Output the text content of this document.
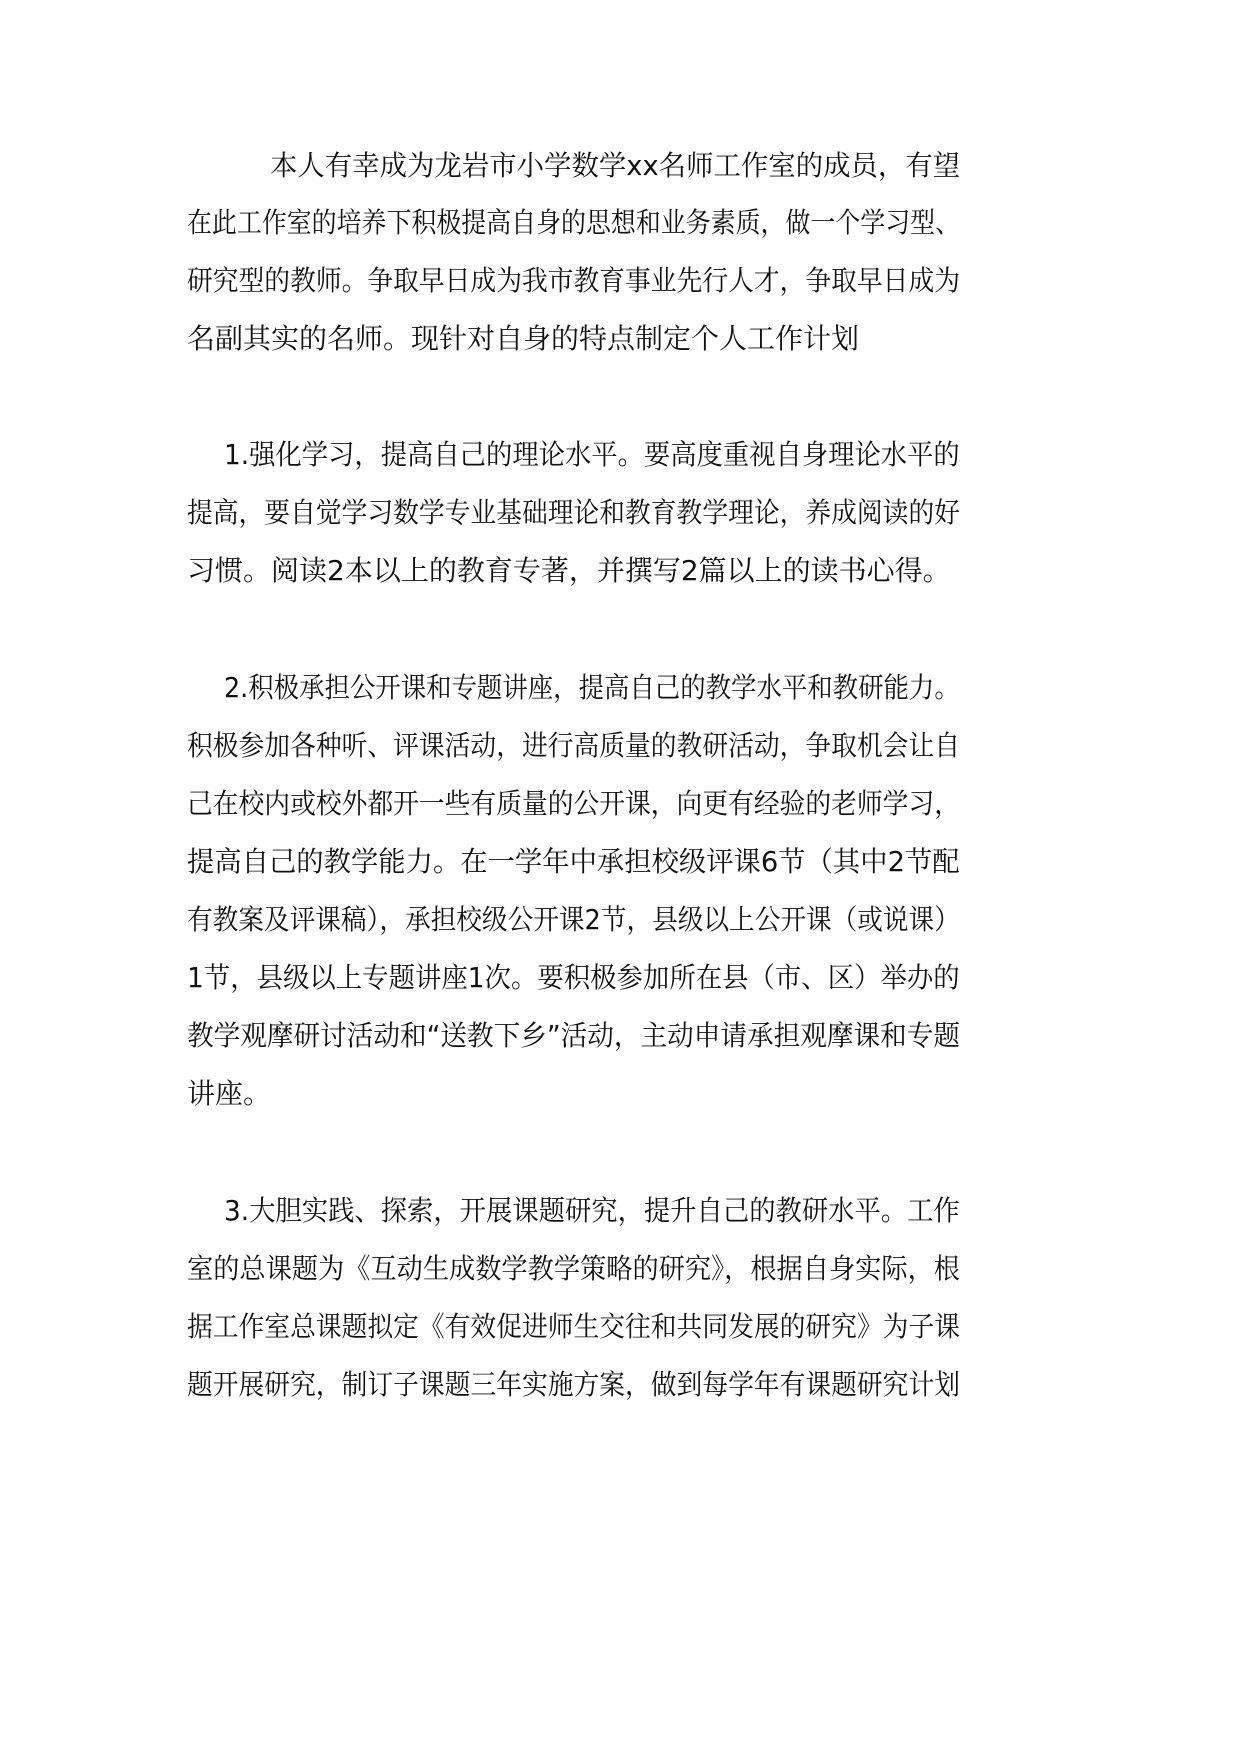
本人有幸成为龙岩市小学数学xx名师工作室的成员，有望

在此工作室的培养下积极提高自身的思想和业务素质，做一个学习型、

研究型的教师。争取早日成为我市教育事业先行人才，争取早日成为

名副其实的名师。现针对自身的特点制定个人工作计划

1.强化学习，提高自己的理论水平。要高度重视自身理论水平的

提高，要自觉学习数学专业基础理论和教育教学理论，养成阅读的好

习惯。阅读2本以上的教育专著，并撰写2篇以上的读书心得。

2.积极承担公开课和专题讲座，提高自己的教学水平和教研能力。

积极参加各种听、评课活动，进行高质量的教研活动，争取机会让自

己在校内或校外都开一些有质量的公开课，向更有经验的老师学习，

提高自己的教学能力。在一学年中承担校级评课6节（其中2节配

有教案及评课稿），承担校级公开课2节，县级以上公开课（或说课）

1节，县级以上专题讲座1次。要积极参加所在县（市、区）举办的

教学观摩研讨活动和“送教下乡”活动，主动申请承担观摩课和专题

讲座。

3.大胆实践、探索，开展课题研究，提升自己的教研水平。工作

室的总课题为《互动生成数学教学策略的研究》，根据自身实际，根

据工作室总课题拟定《有效促进师生交往和共同发展的研究》为子课

题开展研究，制订子课题三年实施方案，做到每学年有课题研究计划
